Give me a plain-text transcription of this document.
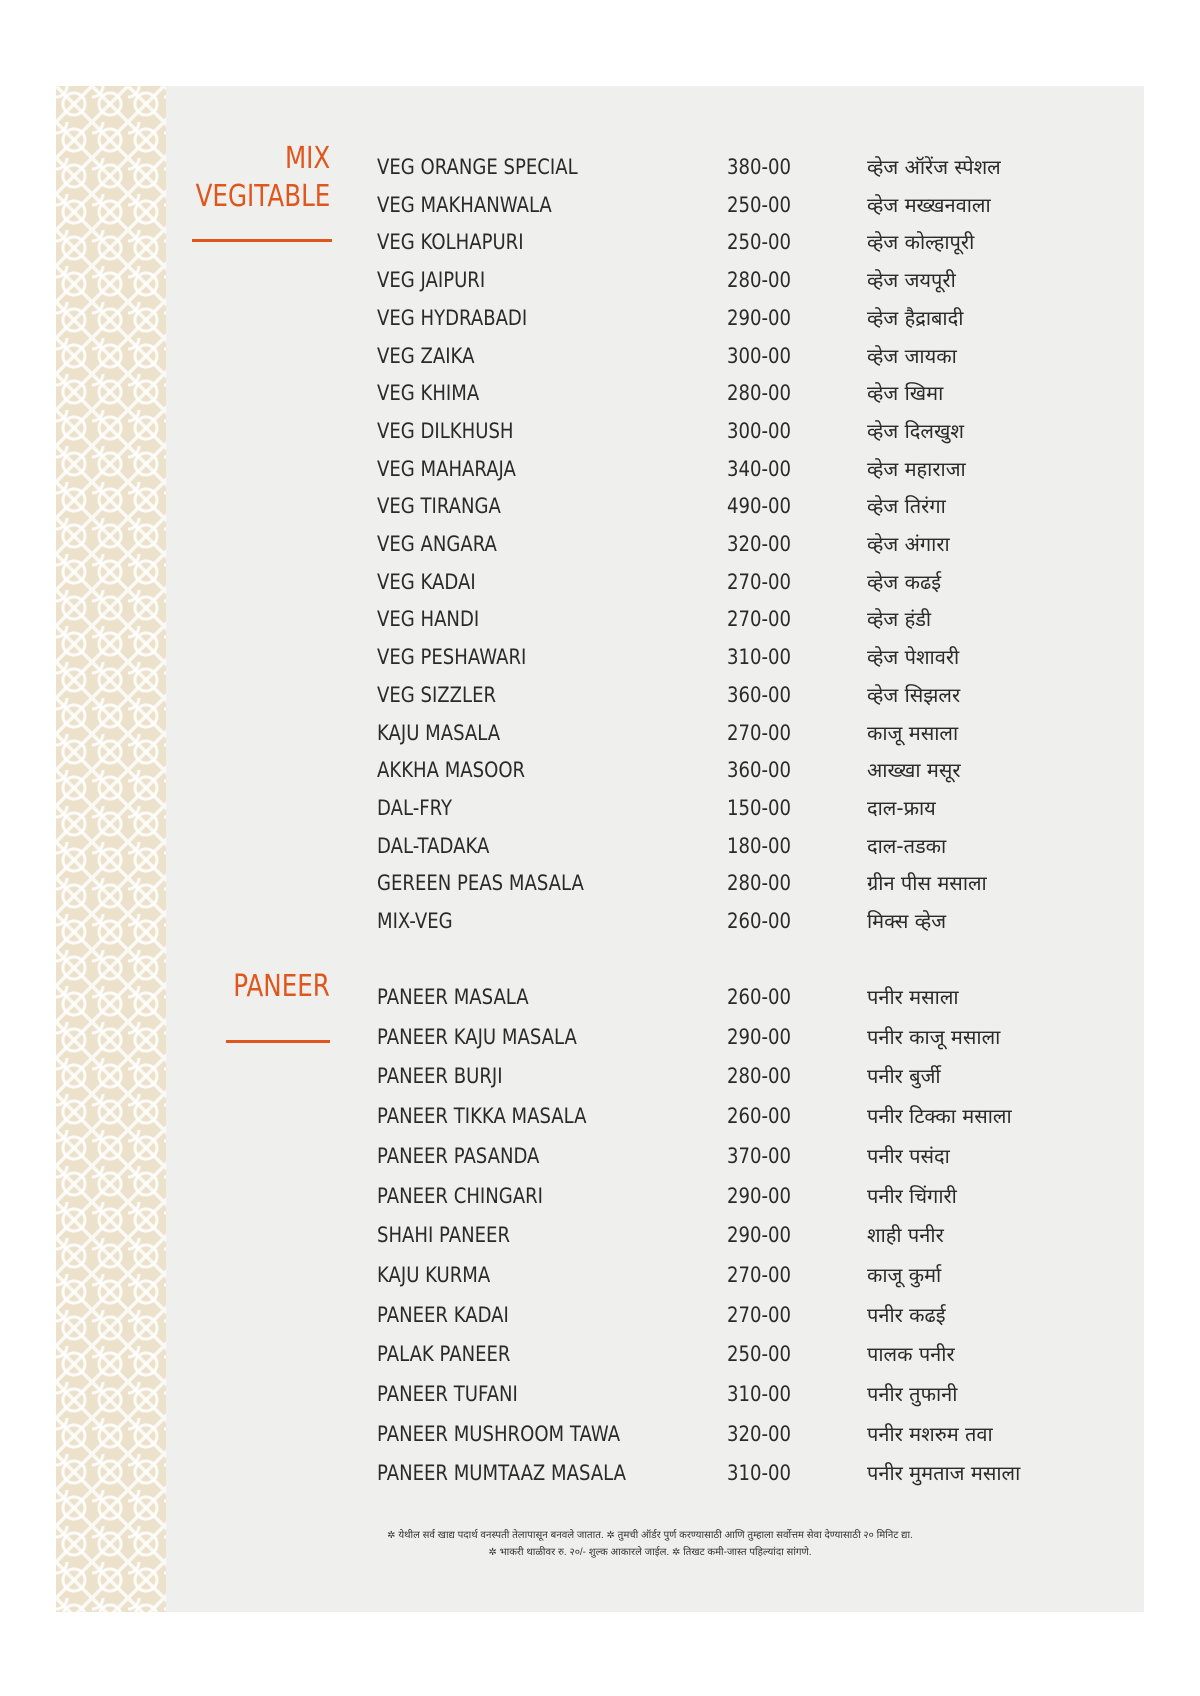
MIX
VEGITABLE
PANEER
VEG ORANGE SPECIAL	380-00	व्हेज ऑरेंज स्पेशल
VEG MAKHANWALA	250-00	व्हेज मख्खनवाला
VEG KOLHAPURI	250-00	व्हेज कोल्हापूरी
VEG JAIPURI	280-00	व्हेज जयपूरी
VEG HYDRABADI	290-00	व्हेज हैद्राबादी
VEG ZAIKA	300-00	व्हेज जायका
VEG KHIMA	280-00	व्हेज खिमा
VEG DILKHUSH	300-00	व्हेज दिलखुश
VEG MAHARAJA	340-00	व्हेज महाराजा
VEG TIRANGA	490-00	व्हेज तिरंगा
VEG ANGARA	320-00	व्हेज अंगारा
VEG KADAI	270-00	व्हेज कढई
VEG HANDI	270-00	व्हेज हंडी
VEG PESHAWARI	310-00	व्हेज पेशावरी
VEG SIZZLER	360-00	व्हेज सिझलर
KAJU MASALA	270-00	काजू मसाला
AKKHA MASOOR	360-00	आख्खा मसूर
DAL-FRY	150-00	दाल-फ्राय
DAL-TADAKA	180-00	दाल-तडका
GEREEN PEAS MASALA	280-00	ग्रीन पीस मसाला
MIX-VEG	260-00	मिक्स व्हेज
PANEER MASALA	260-00	पनीर मसाला
PANEER KAJU MASALA	290-00	पनीर काजू मसाला
PANEER BURJI	280-00	पनीर बुर्जी
PANEER TIKKA MASALA	260-00	पनीर टिक्का मसाला
PANEER PASANDA	370-00	पनीर पसंदा
PANEER CHINGARI	290-00	पनीर चिंगारी
SHAHI PANEER	290-00	शाही पनीर
KAJU KURMA	270-00	काजू कुर्मा
PANEER KADAI	270-00	पनीर कढई
PALAK PANEER	250-00	पालक पनीर
PANEER TUFANI	310-00	पनीर तुफानी
PANEER MUSHROOM TAWA	320-00	पनीर मशरुम तवा
PANEER MUMTAAZ MASALA	310-00	पनीर मुमताज मसाला
✲ येथील सर्व खाद्य पदार्थ वनस्पती तेलापासून बनवले जातात. ✲ तुमची ऑर्डर पुर्ण करण्यासाठी आणि तुम्हाला सर्वोत्तम सेवा देण्यासाठी २० मिनिट द्या.
✲ भाकरी थाळीवर रु. २०/- शुल्क आकारले जाईल. ✲ तिखट कमी-जास्त पहिल्यांदा सांगणे.
